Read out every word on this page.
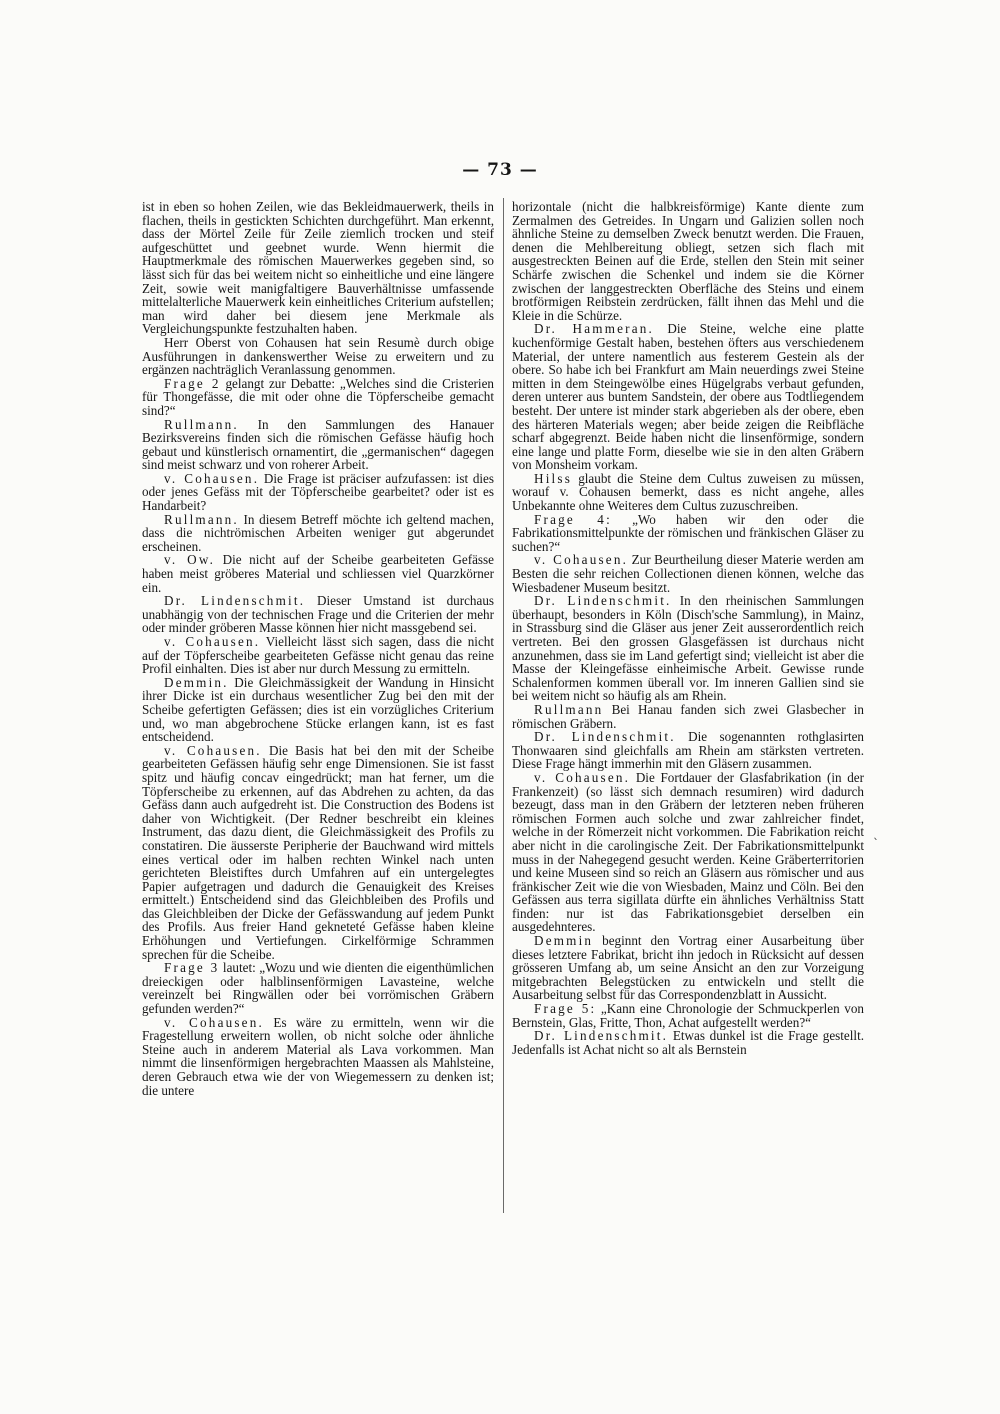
— 73 —

ist in eben so hohen Zeilen, wie das Bekleidmauerwerk, theils in flachen, theils in gestickten Schichten durchgeführt. Man erkennt, dass der Mörtel Zeile für Zeile ziemlich trocken und steif aufgeschüttet und geebnet wurde. Wenn hiermit die Hauptmerkmale des römischen Mauerwerkes gegeben sind, so lässt sich für das bei weitem nicht so einheitliche und eine längere Zeit, sowie weit manigfaltigere Bauverhältnisse umfassende mittelalterliche Mauerwerk kein einheitliches Criterium aufstellen; man wird daher bei diesem jene Merkmale als Vergleichungspunkte festzuhalten haben.

Herr Oberst von Cohausen hat sein Resumè durch obige Ausführungen in dankenswerther Weise zu erweitern und zu ergänzen nachträglich Veranlassung genommen.

Frage 2 gelangt zur Debatte: „Welches sind die Cristerien für Thongefässe, die mit oder ohne die Töpferscheibe gemacht sind?“

Rullmann. In den Sammlungen des Hanauer Bezirksvereins finden sich die römischen Gefässe häufig hoch gebaut und künstlerisch ornamentirt, die „germanischen“ dagegen sind meist schwarz und von roherer Arbeit.

v. Cohausen. Die Frage ist präciser aufzufassen: ist dies oder jenes Gefäss mit der Töpferscheibe gearbeitet? oder ist es Handarbeit?

Rullmann. In diesem Betreff möchte ich geltend machen, dass die nichtrömischen Arbeiten weniger gut abgerundet erscheinen.

v. Ow. Die nicht auf der Scheibe gearbeiteten Gefässe haben meist gröberes Material und schliessen viel Quarzkörner ein.

Dr. Lindenschmit. Dieser Umstand ist durchaus unabhängig von der technischen Frage und die Criterien der mehr oder minder gröberen Masse können hier nicht massgebend sei.

v. Cohausen. Vielleicht lässt sich sagen, dass die nicht auf der Töpferscheibe gearbeiteten Gefässe nicht genau das reine Profil einhalten. Dies ist aber nur durch Messung zu ermitteln.

Demmin. Die Gleichmässigkeit der Wandung in Hinsicht ihrer Dicke ist ein durchaus wesentlicher Zug bei den mit der Scheibe gefertigten Gefässen; dies ist ein vorzügliches Criterium und, wo man abgebrochene Stücke erlangen kann, ist es fast entscheidend.

v. Cohausen. Die Basis hat bei den mit der Scheibe gearbeiteten Gefässen häufig sehr enge Dimensionen. Sie ist fasst spitz und häufig concav eingedrückt; man hat ferner, um die Töpferscheibe zu erkennen, auf das Abdrehen zu achten, da das Gefäss dann auch aufgedreht ist. Die Construction des Bodens ist daher von Wichtigkeit. (Der Redner beschreibt ein kleines Instrument, das dazu dient, die Gleichmässigkeit des Profils zu constatiren. Die äusserste Peripherie der Bauchwand wird mittels eines vertical oder im halben rechten Winkel nach unten gerichteten Bleistiftes durch Umfahren auf ein untergelegtes Papier aufgetragen und dadurch die Genauigkeit des Kreises ermittelt.) Entscheidend sind das Gleichbleiben des Profils und das Gleichbleiben der Dicke der Gefässwandung auf jedem Punkt des Profils. Aus freier Hand gekneteté Gefässe haben kleine Erhöhungen und Vertiefungen. Cirkelförmige Schrammen sprechen für die Scheibe.

Frage 3 lautet: „Wozu und wie dienten die eigenthümlichen dreieckigen oder halblinsenförmigen Lavasteine, welche vereinzelt bei Ringwällen oder bei vorrömischen Gräbern gefunden werden?“

v. Cohausen. Es wäre zu ermitteln, wenn wir die Fragestellung erweitern wollen, ob nicht solche oder ähnliche Steine auch in anderem Material als Lava vorkommen. Man nimmt die linsenförmigen hergebrachten Maassen als Mahlsteine, deren Gebrauch etwa wie der von Wiegemessern zu denken ist; die untere

horizontale (nicht die halbkreisförmige) Kante diente zum Zermalmen des Getreides. In Ungarn und Galizien sollen noch ähnliche Steine zu demselben Zweck benutzt werden. Die Frauen, denen die Mehlbereitung obliegt, setzen sich flach mit ausgestreckten Beinen auf die Erde, stellen den Stein mit seiner Schärfe zwischen die Schenkel und indem sie die Körner zwischen der langgestreckten Oberfläche des Steins und einem brotförmigen Reibstein zerdrücken, fällt ihnen das Mehl und die Kleie in die Schürze.

Dr. Hammeran. Die Steine, welche eine platte kuchenförmige Gestalt haben, bestehen öfters aus verschiedenem Material, der untere namentlich aus festerem Gestein als der obere. So habe ich bei Frankfurt am Main neuerdings zwei Steine mitten in dem Steingewölbe eines Hügelgrabs verbaut gefunden, deren unterer aus buntem Sandstein, der obere aus Todtliegendem besteht. Der untere ist minder stark abgerieben als der obere, eben des härteren Materials wegen; aber beide zeigen die Reibfläche scharf abgegrenzt. Beide haben nicht die linsenförmige, sondern eine lange und platte Form, dieselbe wie sie in den alten Gräbern von Monsheim vorkam.

Hilss glaubt die Steine dem Cultus zuweisen zu müssen, worauf v. Cohausen bemerkt, dass es nicht angehe, alles Unbekannte ohne Weiteres dem Cultus zuzuschreiben.

Frage 4: „Wo haben wir den oder die Fabrikationsmittelpunkte der römischen und fränkischen Gläser zu suchen?“

v. Cohausen. Zur Beurtheilung dieser Materie werden am Besten die sehr reichen Collectionen dienen können, welche das Wiesbadener Museum besitzt.

Dr. Lindenschmit. In den rheinischen Sammlungen überhaupt, besonders in Köln (Disch'sche Sammlung), in Mainz, in Strassburg sind die Gläser aus jener Zeit ausserordentlich reich vertreten. Bei den grossen Glasgefässen ist durchaus nicht anzunehmen, dass sie im Land gefertigt sind; vielleicht ist aber die Masse der Kleingefässe einheimische Arbeit. Gewisse runde Schalenformen kommen überall vor. Im inneren Gallien sind sie bei weitem nicht so häufig als am Rhein.

Rullmann Bei Hanau fanden sich zwei Glasbecher in römischen Gräbern.

Dr. Lindenschmit. Die sogenannten rothglasirten Thonwaaren sind gleichfalls am Rhein am stärksten vertreten. Diese Frage hängt immerhin mit den Gläsern zusammen.

v. Cohausen. Die Fortdauer der Glasfabrikation (in der Frankenzeit) (so lässt sich demnach resumiren) wird dadurch bezeugt, dass man in den Gräbern der letzteren neben früheren römischen Formen auch solche und zwar zahlreicher findet, welche in der Römerzeit nicht vorkommen. Die Fabrikation reicht aber nicht in die carolingische Zeit. Der Fabrikationsmittelpunkt muss in der Nahegegend gesucht werden. Keine Gräberterritorien und keine Museen sind so reich an Gläsern aus römischer und aus fränkischer Zeit wie die von Wiesbaden, Mainz und Cöln. Bei den Gefässen aus terra sigillata dürfte ein ähnliches Verhältniss Statt finden: nur ist das Fabrikationsgebiet derselben ein ausgedehnteres.

Demmin beginnt den Vortrag einer Ausarbeitung über dieses letztere Fabrikat, bricht ihn jedoch in Rücksicht auf dessen grösseren Umfang ab, um seine Ansicht an den zur Vorzeigung mitgebrachten Belegstücken zu entwickeln und stellt die Ausarbeitung selbst für das Correspondenzblatt in Aussicht.

Frage 5: „Kann eine Chronologie der Schmuckperlen von Bernstein, Glas, Fritte, Thon, Achat aufgestellt werden?“

Dr. Lindenschmit. Etwas dunkel ist die Frage gestellt. Jedenfalls ist Achat nicht so alt als Bernstein

ˎ
